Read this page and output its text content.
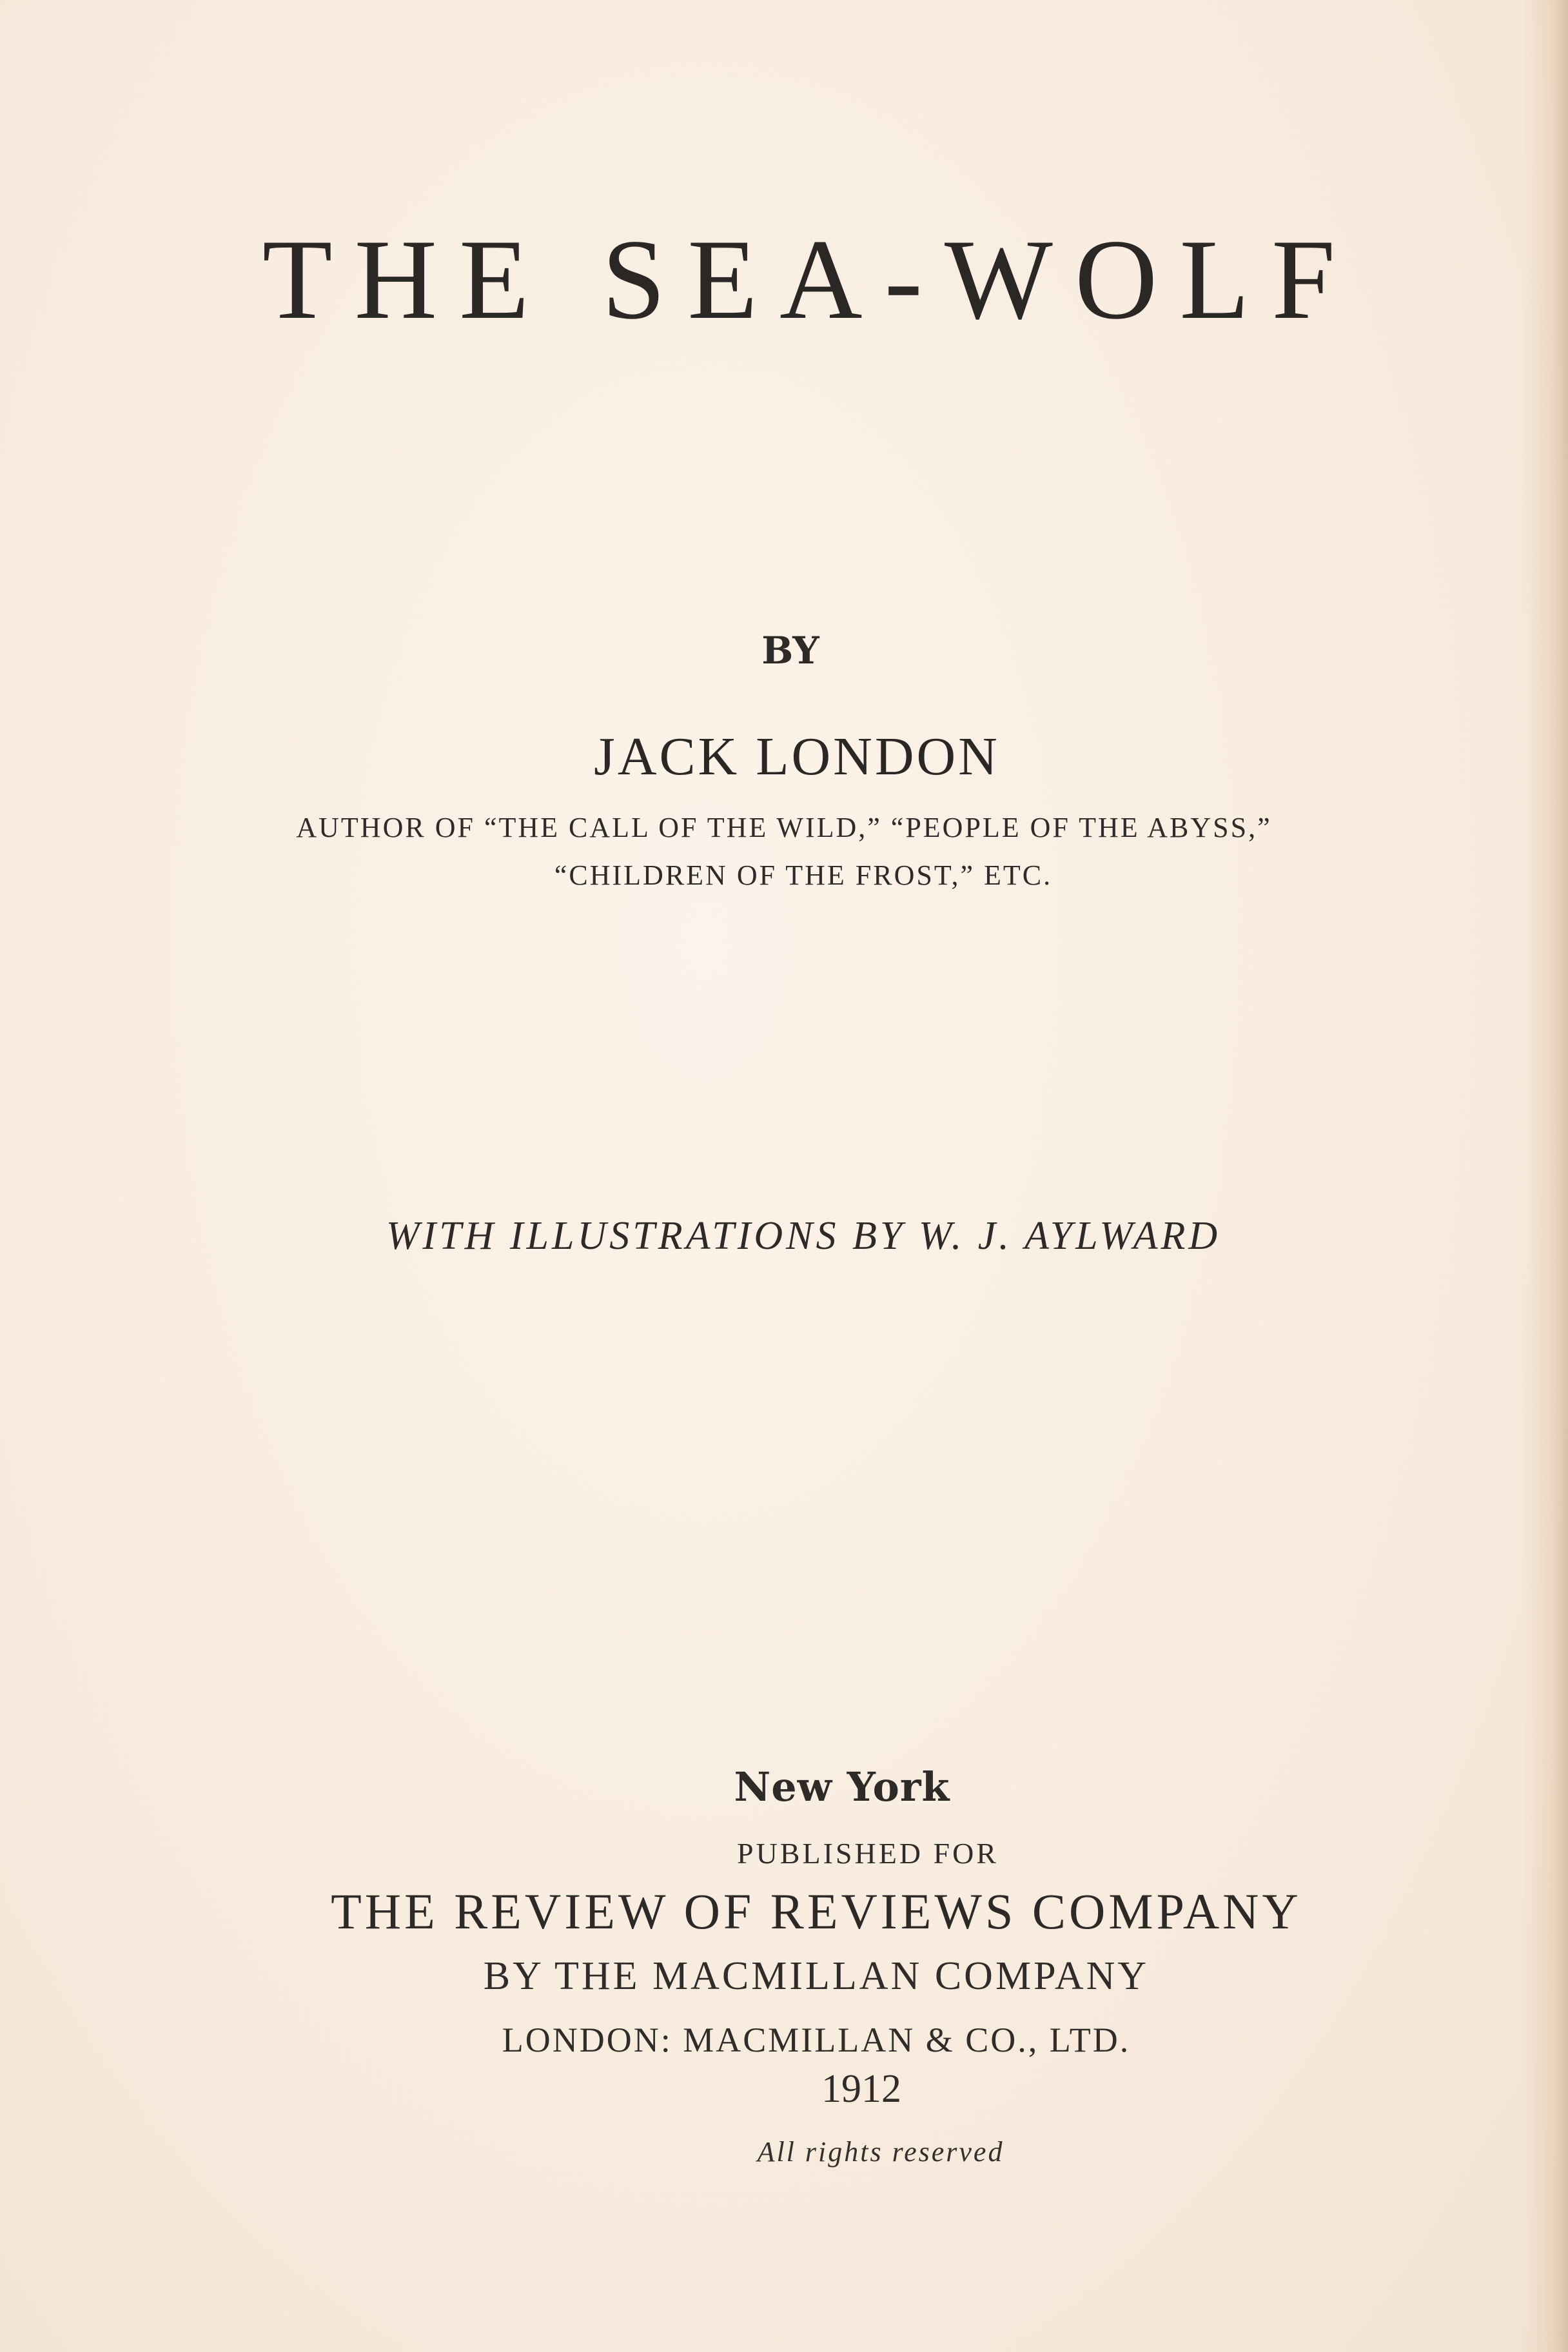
THE SEA-WOLF
BY
JACK LONDON
AUTHOR OF “THE CALL OF THE WILD,” “PEOPLE OF THE ABYSS,”
“CHILDREN OF THE FROST,” ETC.
WITH ILLUSTRATIONS BY W. J. AYLWARD
New York
PUBLISHED FOR
THE REVIEW OF REVIEWS COMPANY
BY THE MACMILLAN COMPANY
LONDON: MACMILLAN & CO., LTD.
1912
All rights reserved
